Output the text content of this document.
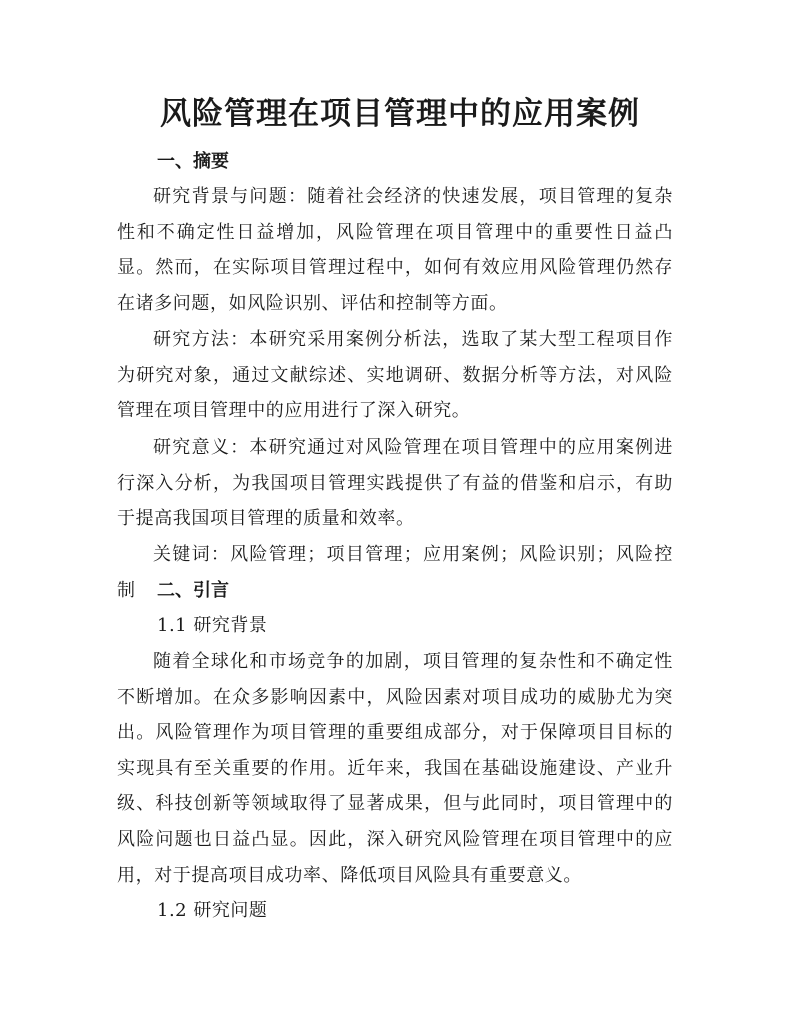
风险管理在项目管理中的应用案例
一、摘要
研究背景与问题：随着社会经济的快速发展，项目管理的复杂性和不确定性日益增加，风险管理在项目管理中的重要性日益凸显。然而，在实际项目管理过程中，如何有效应用风险管理仍然存在诸多问题，如风险识别、评估和控制等方面。
研究方法：本研究采用案例分析法，选取了某大型工程项目作为研究对象，通过文献综述、实地调研、数据分析等方法，对风险管理在项目管理中的应用进行了深入研究。
研究意义：本研究通过对风险管理在项目管理中的应用案例进行深入分析，为我国项目管理实践提供了有益的借鉴和启示，有助于提高我国项目管理的质量和效率。
关键词：风险管理；项目管理；应用案例；风险识别；风险控制	二、引言
1.1 研究背景
随着全球化和市场竞争的加剧，项目管理的复杂性和不确定性不断增加。在众多影响因素中，风险因素对项目成功的威胁尤为突出。风险管理作为项目管理的重要组成部分，对于保障项目目标的实现具有至关重要的作用。近年来，我国在基础设施建设、产业升级、科技创新等领域取得了显著成果，但与此同时，项目管理中的风险问题也日益凸显。因此，深入研究风险管理在项目管理中的应用，对于提高项目成功率、降低项目风险具有重要意义。
1.2 研究问题
